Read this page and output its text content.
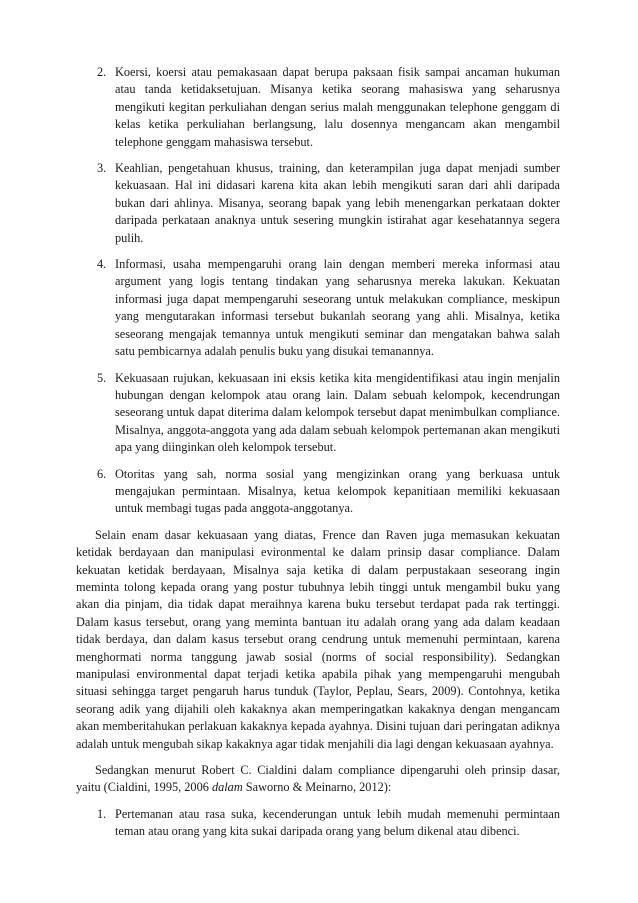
2. Koersi, koersi atau pemakasaan dapat berupa paksaan fisik sampai ancaman hukuman atau tanda ketidaksetujuan. Misanya ketika seorang mahasiswa yang seharusnya mengikuti kegitan perkuliahan dengan serius malah menggunakan telephone genggam di kelas ketika perkuliahan berlangsung, lalu dosennya mengancam akan mengambil telephone genggam mahasiswa tersebut.
3. Keahlian, pengetahuan khusus, training, dan keterampilan juga dapat menjadi sumber kekuasaan. Hal ini didasari karena kita akan lebih mengikuti saran dari ahli daripada bukan dari ahlinya. Misanya, seorang bapak yang lebih menengarkan perkataan dokter daripada perkataan anaknya untuk sesering mungkin istirahat agar kesehatannya segera pulih.
4. Informasi, usaha mempengaruhi orang lain dengan memberi mereka informasi atau argument yang logis tentang tindakan yang seharusnya mereka lakukan. Kekuatan informasi juga dapat mempengaruhi seseorang untuk melakukan compliance, meskipun yang mengutarakan informasi tersebut bukanlah seorang yang ahli. Misalnya, ketika seseorang mengajak temannya untuk mengikuti seminar dan mengatakan bahwa salah satu pembicarnya adalah penulis buku yang disukai temanannya.
5. Kekuasaan rujukan, kekuasaan ini eksis ketika kita mengidentifikasi atau ingin menjalin hubungan dengan kelompok atau orang lain. Dalam sebuah kelompok, kecendrungan seseorang untuk dapat diterima dalam kelompok tersebut dapat menimbulkan compliance. Misalnya, anggota-anggota yang ada dalam sebuah kelompok pertemanan akan mengikuti apa yang diinginkan oleh kelompok tersebut.
6. Otoritas yang sah, norma sosial yang mengizinkan orang yang berkuasa untuk mengajukan permintaan. Misalnya, ketua kelompok kepanitiaan memiliki kekuasaan untuk membagi tugas pada anggota-anggotanya.

Selain enam dasar kekuasaan yang diatas, Frence dan Raven juga memasukan kekuatan ketidak berdayaan dan manipulasi evironmental ke dalam prinsip dasar compliance. Dalam kekuatan ketidak berdayaan, Misalnya saja ketika di dalam perpustakaan seseorang ingin meminta tolong kepada orang yang postur tubuhnya lebih tinggi untuk mengambil buku yang akan dia pinjam, dia tidak dapat meraihnya karena buku tersebut terdapat pada rak tertinggi. Dalam kasus tersebut, orang yang meminta bantuan itu adalah orang yang ada dalam keadaan tidak berdaya, dan dalam kasus tersebut orang cendrung untuk memenuhi permintaan, karena menghormati norma tanggung jawab sosial (norms of social responsibility). Sedangkan manipulasi environmental dapat terjadi ketika apabila pihak yang mempengaruhi mengubah situasi sehingga target pengaruh harus tunduk (Taylor, Peplau, Sears, 2009). Contohnya, ketika seorang adik yang dijahili oleh kakaknya akan memperingatkan kakaknya dengan mengancam akan memberitahukan perlakuan kakaknya kepada ayahnya. Disini tujuan dari peringatan adiknya adalah untuk mengubah sikap kakaknya agar tidak menjahili dia lagi dengan kekuasaan ayahnya.

Sedangkan menurut Robert C. Cialdini dalam compliance dipengaruhi oleh prinsip dasar, yaitu (Cialdini, 1995, 2006 dalam Saworno & Meinarno, 2012):

1. Pertemanan atau rasa suka, kecenderungan untuk lebih mudah memenuhi permintaan teman atau orang yang kita sukai daripada orang yang belum dikenal atau dibenci.
